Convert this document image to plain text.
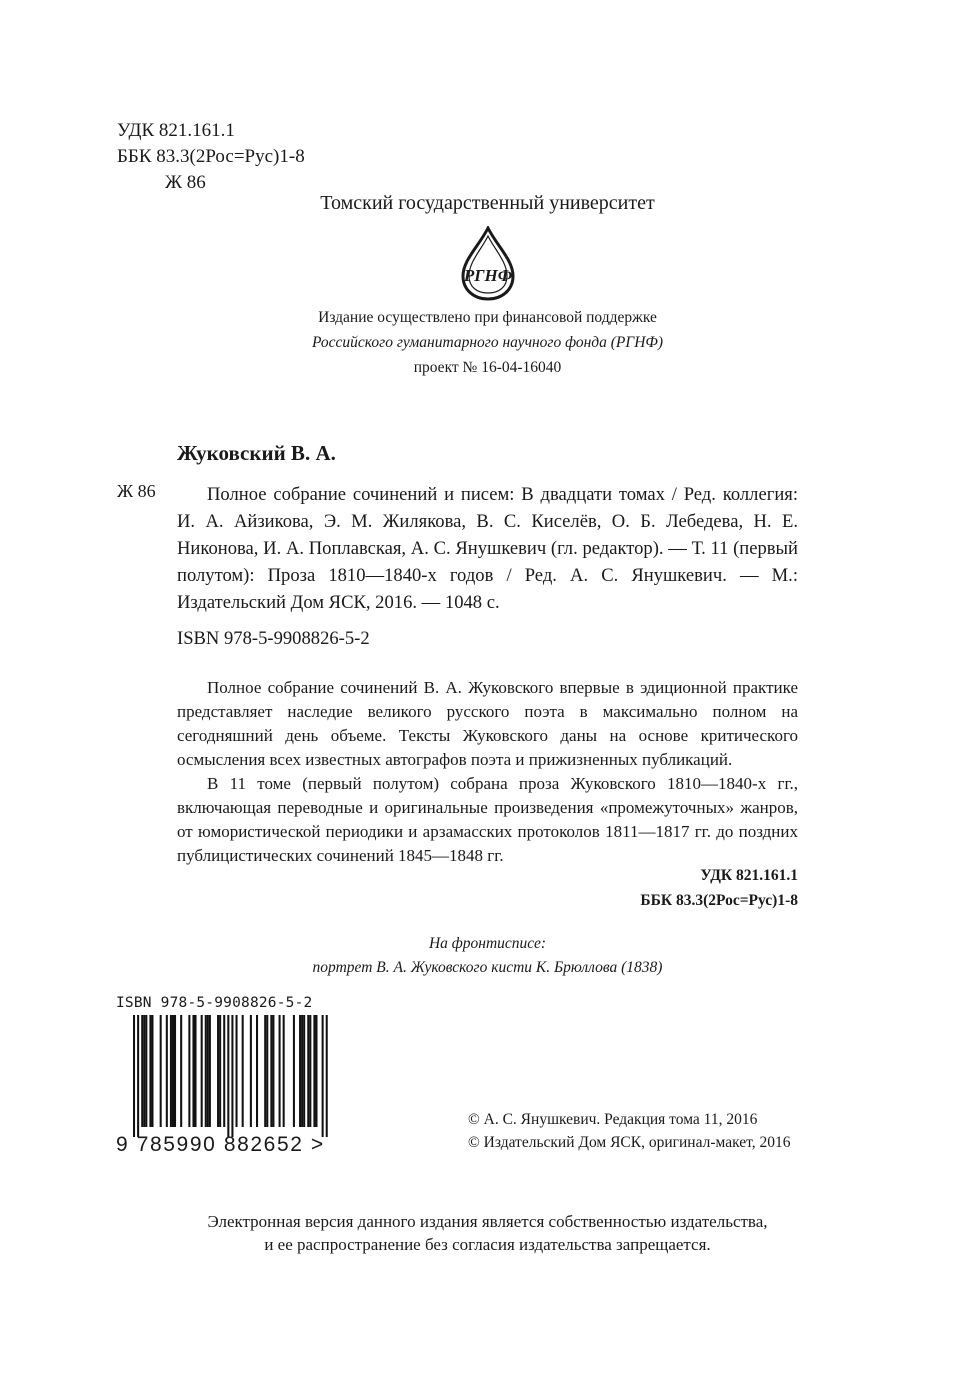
УДК 821.161.1
ББК 83.3(2Рос=Рус)1-8
Ж 86
Томский государственный университет
РГНФ
Издание осуществлено при финансовой поддержке
Российского гуманитарного научного фонда (РГНФ)
проект № 16-04-16040
Жуковский В. А.
Ж 86	Полное собрание сочинений и писем: В двадцати томах / Ред. коллегия: И. А. Айзикова, Э. М. Жилякова, В. С. Киселёв, О. Б. Лебедева, Н. Е. Никонова, И. А. Поплавская, А. С. Янушкевич (гл. редактор). — Т. 11 (первый полутом): Проза 1810—1840-х годов / Ред. А. С. Янушкевич. — М.: Издательский Дом ЯСК, 2016. — 1048 с.

ISBN 978-5-9908826-5-2

Полное собрание сочинений В. А. Жуковского впервые в эдиционной практике представляет наследие великого русского поэта в максимально полном на сегодняшний день объеме. Тексты Жуковского даны на основе критического осмысления всех известных автографов поэта и прижизненных публикаций.

В 11 томе (первый полутом) собрана проза Жуковского 1810—1840-х гг., включающая переводные и оригинальные произведения «промежуточных» жанров, от юмористической периодики и арзамасских протоколов 1811—1817 гг. до поздних публицистических сочинений 1845—1848 гг.

УДК 821.161.1
ББК 83.3(2Рос=Рус)1-8
На фронтисписе:
портрет В. А. Жуковского кисти К. Брюллова (1838)
ISBN 978-5-9908826-5-2
9 785990 882652 >
© А. С. Янушкевич. Редакция тома 11, 2016
© Издательский Дом ЯСК, оригинал-макет, 2016
Электронная версия данного издания является собственностью издательства,
и ее распространение без согласия издательства запрещается.
